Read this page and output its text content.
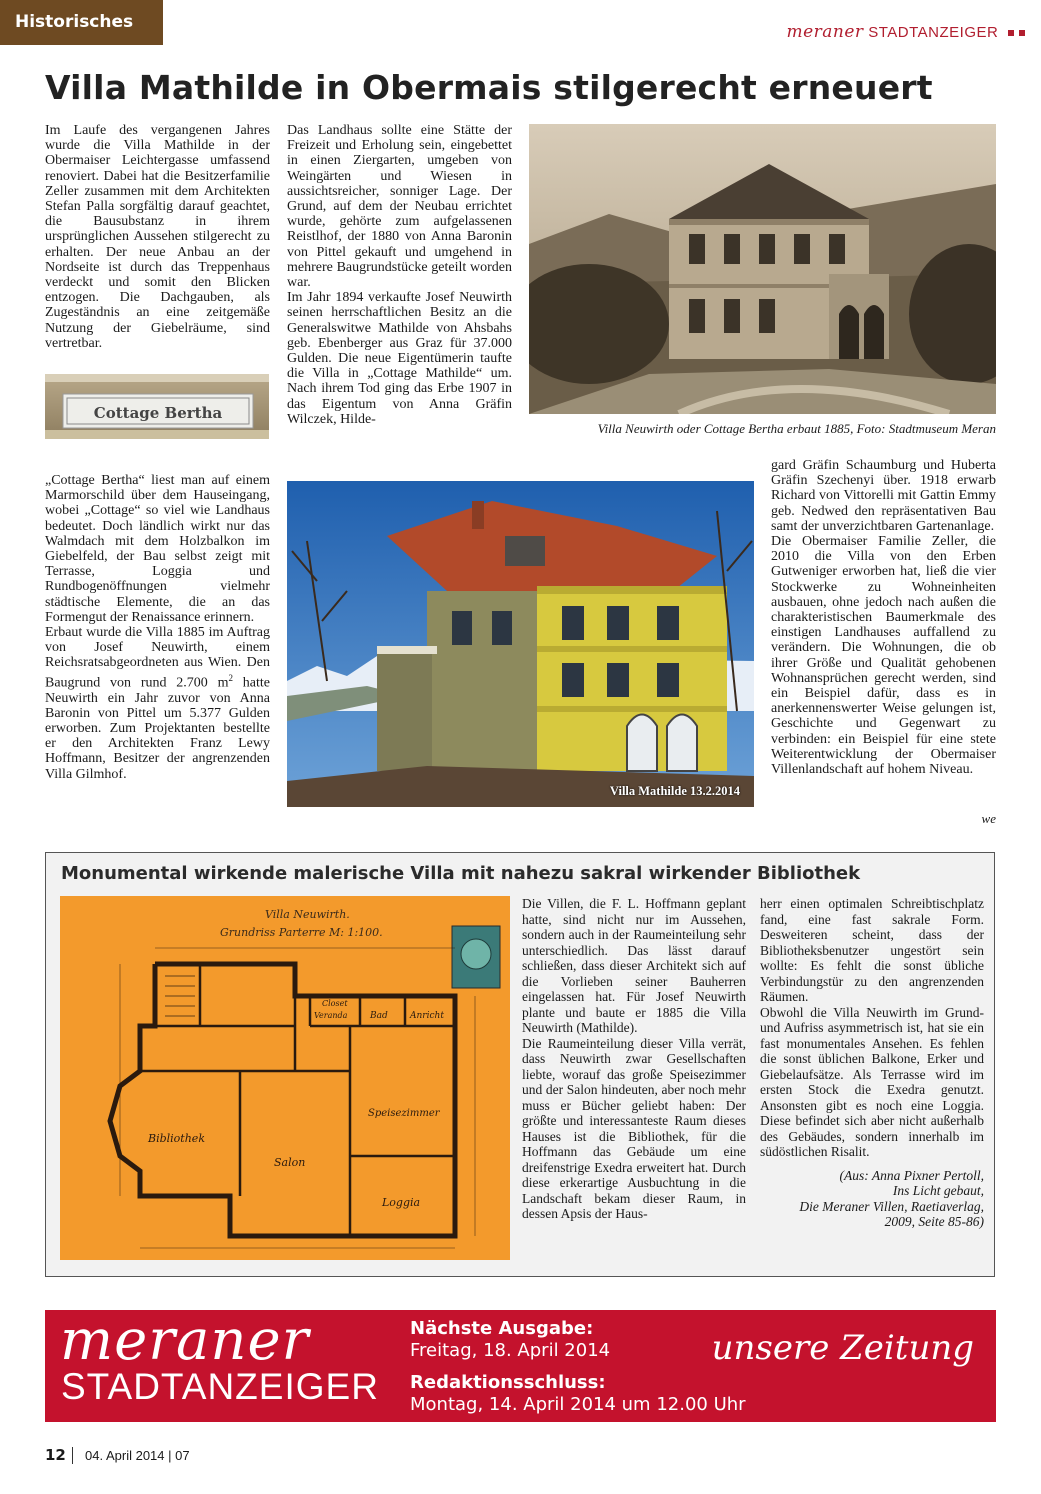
Historisches	meraner STADTANZEIGER
Villa Mathilde in Obermais stilgerecht erneuert

Im Laufe des vergangenen Jahres wurde die Villa Mathilde in der Obermaiser Leichtergasse umfassend renoviert. Dabei hat die Besitzerfamilie Zeller zusammen mit dem Architekten Stefan Palla sorgfältig darauf geachtet, die Bausubstanz in ihrem ursprünglichen Aussehen stilgerecht zu erhalten. Der neue Anbau an der Nordseite ist durch das Treppenhaus verdeckt und somit den Blicken entzogen. Die Dachgauben, als Zugeständnis an eine zeitgemäße Nutzung der Giebelräume, sind vertretbar.

Cottage Bertha

„Cottage Bertha“ liest man auf einem Marmorschild über dem Hauseingang, wobei „Cottage“ so viel wie Landhaus bedeutet. Doch ländlich wirkt nur das Walmdach mit dem Holzbalkon im Giebelfeld, der Bau selbst zeigt mit Terrasse, Loggia und Rundbogenöffnungen vielmehr städtische Elemente, die an das Formengut der Renaissance erinnern.

Erbaut wurde die Villa 1885 im Auftrag von Josef Neuwirth, einem Reichsratsabgeordneten aus Wien. Den Baugrund von rund 2.700 $m^2$ hatte Neuwirth ein Jahr zuvor von Anna Baronin von Pittel um 5.377 Gulden erworben. Zum Projektanten bestellte er den Architekten Franz Lewy Hoffmann, Besitzer der angrenzenden Villa Gilmhof.

Das Landhaus sollte eine Stätte der Freizeit und Erholung sein, eingebettet in einen Ziergarten, umgeben von Weingärten und Wiesen in aussichtsreicher, sonniger Lage. Der Grund, auf dem der Neubau errichtet wurde, gehörte zum aufgelassenen Reistlhof, der 1880 von Anna Baronin von Pittel gekauft und umgehend in mehrere Baugrundstücke geteilt worden war.

Im Jahr 1894 verkaufte Josef Neuwirth seinen herrschaftlichen Besitz an die Generalswitwe Mathilde von Ahsbahs geb. Ebenberger aus Graz für 37.000 Gulden. Die neue Eigentümerin taufte die Villa in „Cottage Mathilde“ um. Nach ihrem Tod ging das Erbe 1907 in das Eigentum von Anna Gräfin Wilczek, Hilde-

Villa Neuwirth oder Cottage Bertha erbaut 1885, Foto: Stadtmuseum Meran
Villa Mathilde 13.2.2014

gard Gräfin Schaumburg und Huberta Gräfin Szechenyi über. 1918 erwarb Richard von Vittorelli mit Gattin Emmy geb. Nedwed den repräsentativen Bau samt der unverzichtbaren Gartenanlage.

Die Obermaiser Familie Zeller, die 2010 die Villa von den Erben Gutweniger erworben hat, ließ die vier Stockwerke zu Wohneinheiten ausbauen, ohne jedoch nach außen die charakteristischen Baumerkmale des einstigen Landhauses auffallend zu verändern. Die Wohnungen, die ob ihrer Größe und Qualität gehobenen Wohnansprüchen gerecht werden, sind ein Beispiel dafür, dass es in anerkennenswerter Weise gelungen ist, Geschichte und Gegenwart zu verbinden: ein Beispiel für eine stete Weiterentwicklung der Obermaiser Villenlandschaft auf hohem Niveau.

we
Monumental wirkende malerische Villa mit nahezu sakral wirkender Bibliothek
Villa Neuwirth.
Grundriss Parterre M: 1:100.
Bibliothek
Salon
Speisezimmer
Loggia
Bad Anricht
Veranda
Closet

Die Villen, die F. L. Hoffmann geplant hatte, sind nicht nur im Aussehen, sondern auch in der Raumeinteilung sehr unterschiedlich. Das lässt darauf schließen, dass dieser Architekt sich auf die Vorlieben seiner Bauherren eingelassen hat. Für Josef Neuwirth plante und baute er 1885 die Villa Neuwirth (Mathilde).

Die Raumeinteilung dieser Villa verrät, dass Neuwirth zwar Gesellschaften liebte, worauf das große Speisezimmer und der Salon hindeuten, aber noch mehr muss er Bücher geliebt haben: Der größte und interessanteste Raum dieses Hauses ist die Bibliothek, für die Hoffmann das Gebäude um eine dreifenstrige Exedra erweitert hat. Durch diese erkerartige Ausbuchtung in die Landschaft bekam dieser Raum, in dessen Apsis der Haus-

herr einen optimalen Schreibtischplatz fand, eine fast sakrale Form. Desweiteren scheint, dass der Bibliotheksbenutzer ungestört sein wollte: Es fehlt die sonst übliche Verbindungstür zu den angrenzenden Räumen.

Obwohl die Villa Neuwirth im Grund- und Aufriss asymmetrisch ist, hat sie ein fast monumentales Ansehen. Es fehlen die sonst üblichen Balkone, Erker und Giebelaufsätze. Als Terrasse wird im ersten Stock die Exedra genutzt. Ansonsten gibt es noch eine Loggia. Diese befindet sich aber nicht außerhalb des Gebäudes, sondern innerhalb im südöstlichen Risalit.

(Aus: Anna Pixner Pertoll,
Ins Licht gebaut,
Die Meraner Villen, Raetiaverlag,
2009, Seite 85-86)
meraner
STADTANZEIGER
Nächste Ausgabe:
Freitag, 18. April 2014
Redaktionsschluss:
Montag, 14. April 2014 um 12.00 Uhr
unsere Zeitung
12 04. April 2014 | 07
